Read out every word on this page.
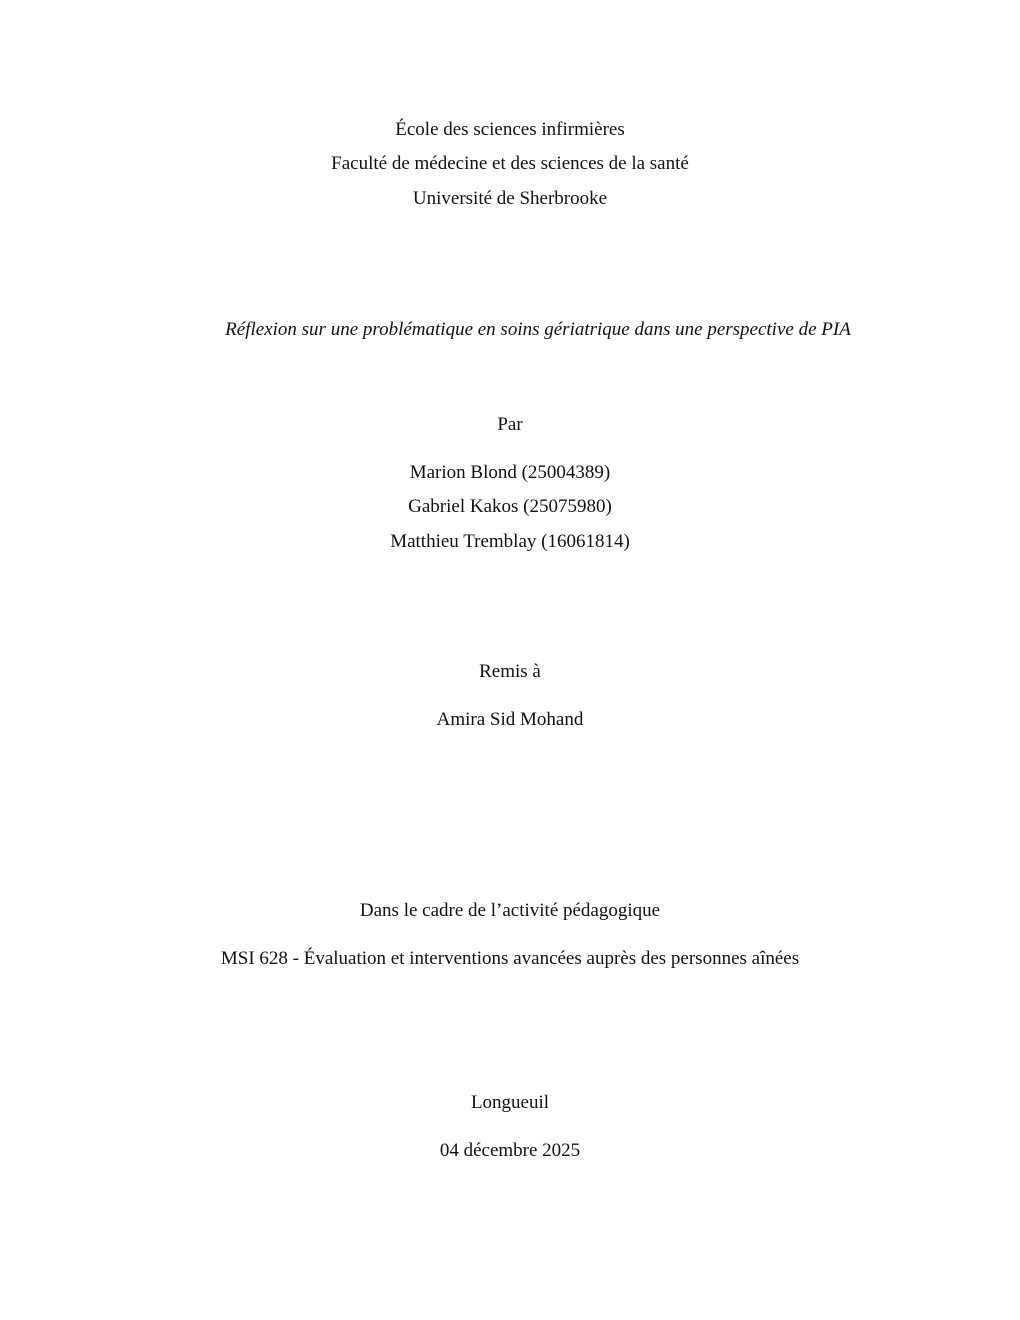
École des sciences infirmières
Faculté de médecine et des sciences de la santé
Université de Sherbrooke
Réflexion sur une problématique en soins gériatrique dans une perspective de PIA
Par
Marion Blond (25004389)
Gabriel Kakos (25075980)
Matthieu Tremblay (16061814)
Remis à
Amira Sid Mohand
Dans le cadre de l’activité pédagogique
MSI 628 - Évaluation et interventions avancées auprès des personnes aînées
Longueuil
04 décembre 2025
